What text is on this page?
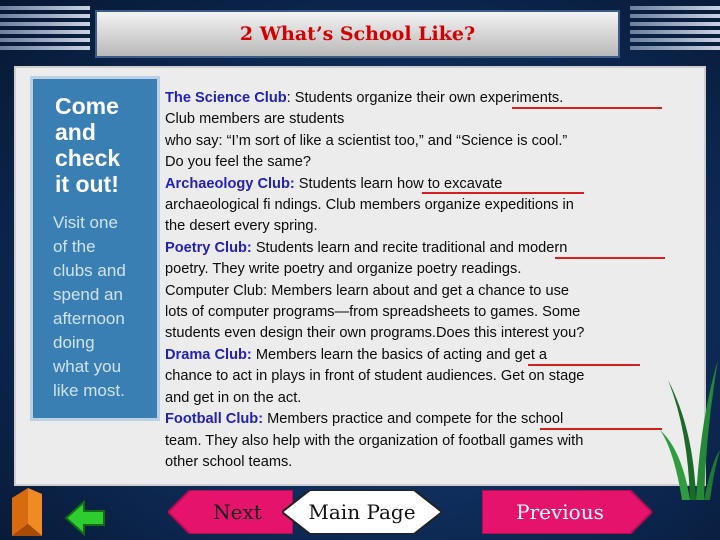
2 What’s School Like?
Come
and
check
it out!
Visit one
of the
clubs and
spend an
afternoon
doing
what you
like most.
The Science Club: Students organize their own experiments.
Club members are students
who say: “I’m sort of like a scientist too,” and “Science is cool.”
Do you feel the same?
Archaeology Club: Students learn how to excavate
archaeological fi ndings. Club members organize expeditions in
the desert every spring.
Poetry Club: Students learn and recite traditional and modern
poetry. They write poetry and organize poetry readings.
Computer Club: Members learn about and get a chance to use
lots of computer programs—from spreadsheets to games. Some
students even design their own programs.Does this interest you?
Drama Club: Members learn the basics of acting and get a
chance to act in plays in front of student audiences. Get on stage
and get in on the act.
Football Club: Members practice and compete for the school
team. They also help with the organization of football games with
other school teams.
Next	Main Page	Previous
